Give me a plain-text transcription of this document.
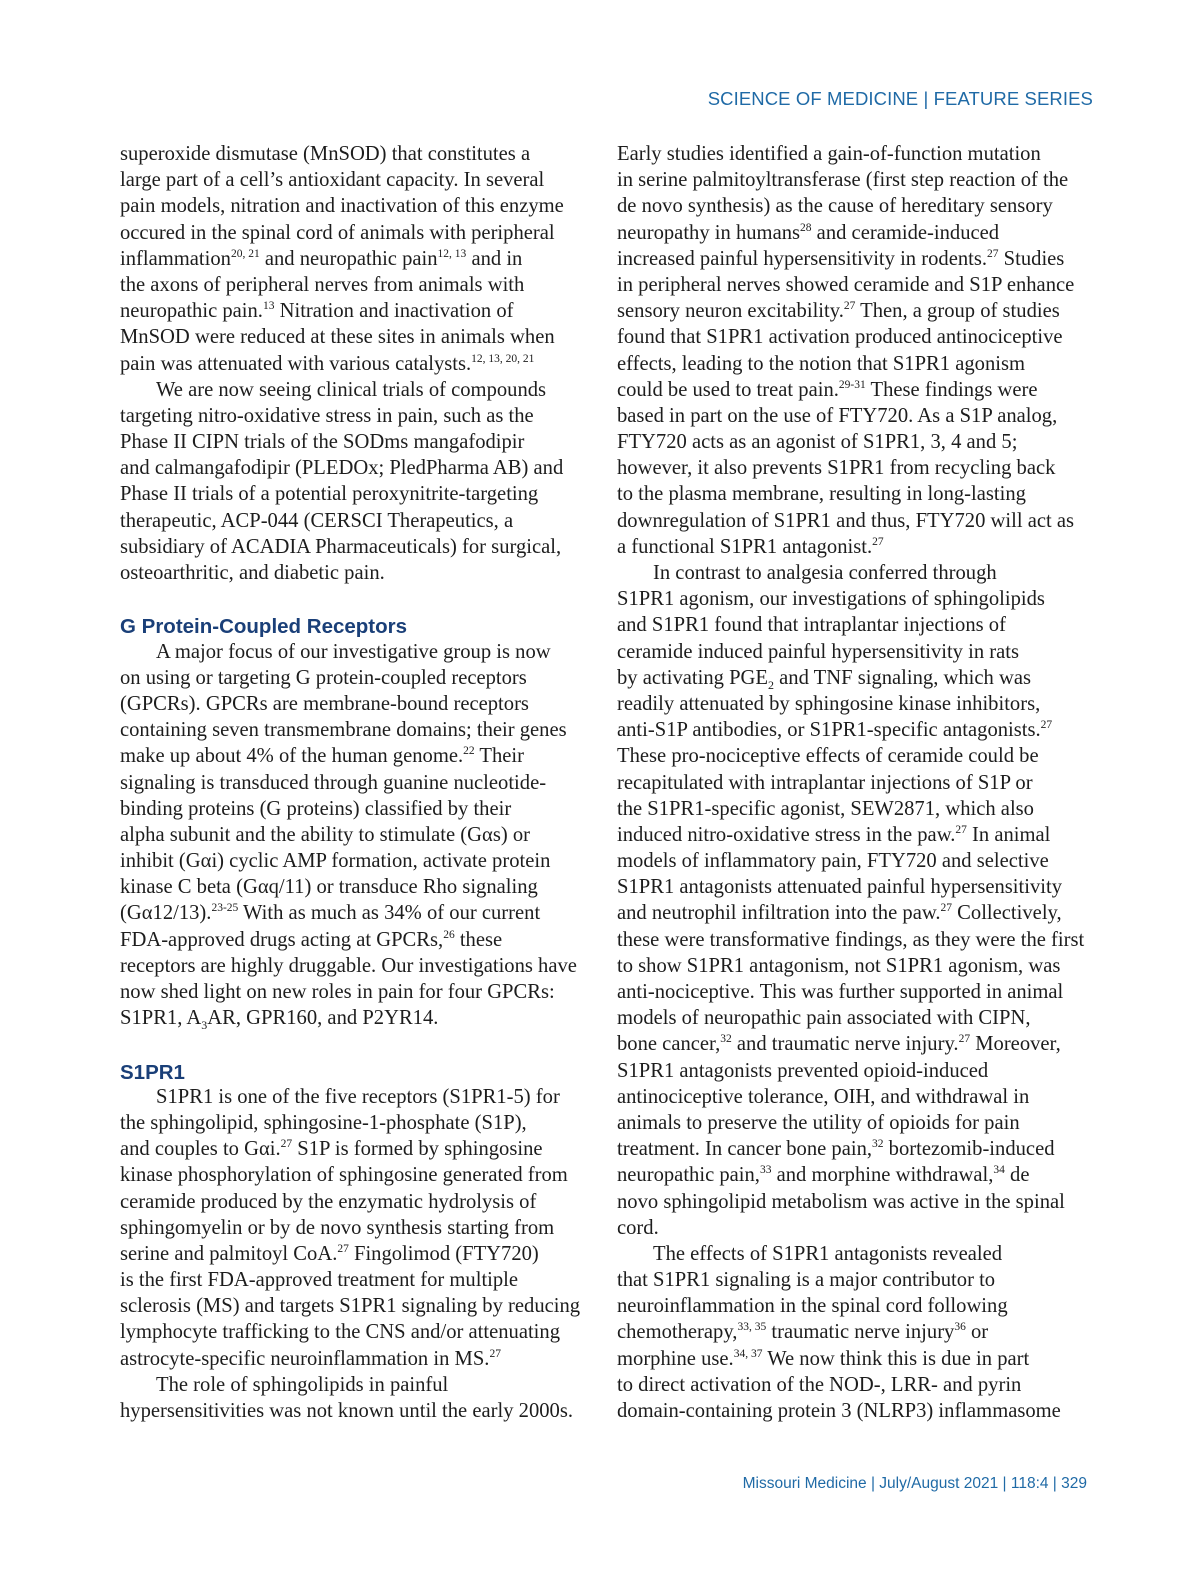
SCIENCE OF MEDICINE | FEATURE SERIES
superoxide dismutase (MnSOD) that constitutes a
large part of a cell’s antioxidant capacity. In several
pain models, nitration and inactivation of this enzyme
occured in the spinal cord of animals with peripheral
inflammation$^{20, 21}$ and neuropathic pain$^{12, 13}$ and in
the axons of peripheral nerves from animals with
neuropathic pain.$^{13}$ Nitration and inactivation of
MnSOD were reduced at these sites in animals when
pain was attenuated with various catalysts.$^{12, 13, 20, 21}$
We are now seeing clinical trials of compounds
targeting nitro-oxidative stress in pain, such as the
Phase II CIPN trials of the SODms mangafodipir
and calmangafodipir (PLEDOx; PledPharma AB) and
Phase II trials of a potential peroxynitrite-targeting
therapeutic, ACP-044 (CERSCI Therapeutics, a
subsidiary of ACADIA Pharmaceuticals) for surgical,
osteoarthritic, and diabetic pain.
G Protein-Coupled Receptors
A major focus of our investigative group is now
on using or targeting G protein-coupled receptors
(GPCRs). GPCRs are membrane-bound receptors
containing seven transmembrane domains; their genes
make up about 4% of the human genome.$^{22}$ Their
signaling is transduced through guanine nucleotide-
binding proteins (G proteins) classified by their
alpha subunit and the ability to stimulate (Gαs) or
inhibit (Gαi) cyclic AMP formation, activate protein
kinase C beta (Gαq/11) or transduce Rho signaling
(Gα12/13).$^{23-25}$ With as much as 34% of our current
FDA-approved drugs acting at GPCRs,$^{26}$ these
receptors are highly druggable. Our investigations have
now shed light on new roles in pain for four GPCRs:
S1PR1, $A_3AR$, GPR160, and P2YR14.
S1PR1
S1PR1 is one of the five receptors (S1PR1-5) for
the sphingolipid, sphingosine-1-phosphate (S1P),
and couples to Gαi.$^{27}$ S1P is formed by sphingosine
kinase phosphorylation of sphingosine generated from
ceramide produced by the enzymatic hydrolysis of
sphingomyelin or by de novo synthesis starting from
serine and palmitoyl CoA.$^{27}$ Fingolimod (FTY720)
is the first FDA-approved treatment for multiple
sclerosis (MS) and targets S1PR1 signaling by reducing
lymphocyte trafficking to the CNS and/or attenuating
astrocyte-specific neuroinflammation in MS.$^{27}$
The role of sphingolipids in painful
hypersensitivities was not known until the early 2000s.
Early studies identified a gain-of-function mutation
in serine palmitoyltransferase (first step reaction of the
de novo synthesis) as the cause of hereditary sensory
neuropathy in humans$^{28}$ and ceramide-induced
increased painful hypersensitivity in rodents.$^{27}$ Studies
in peripheral nerves showed ceramide and S1P enhance
sensory neuron excitability.$^{27}$ Then, a group of studies
found that S1PR1 activation produced antinociceptive
effects, leading to the notion that S1PR1 agonism
could be used to treat pain.$^{29-31}$ These findings were
based in part on the use of FTY720. As a S1P analog,
FTY720 acts as an agonist of S1PR1, 3, 4 and 5;
however, it also prevents S1PR1 from recycling back
to the plasma membrane, resulting in long-lasting
downregulation of S1PR1 and thus, FTY720 will act as
a functional S1PR1 antagonist.$^{27}$
In contrast to analgesia conferred through
S1PR1 agonism, our investigations of sphingolipids
and S1PR1 found that intraplantar injections of
ceramide induced painful hypersensitivity in rats
by activating $PGE_2$ and TNF signaling, which was
readily attenuated by sphingosine kinase inhibitors,
anti-S1P antibodies, or S1PR1-specific antagonists.$^{27}$
These pro-nociceptive effects of ceramide could be
recapitulated with intraplantar injections of S1P or
the S1PR1-specific agonist, SEW2871, which also
induced nitro-oxidative stress in the paw.$^{27}$ In animal
models of inflammatory pain, FTY720 and selective
S1PR1 antagonists attenuated painful hypersensitivity
and neutrophil infiltration into the paw.$^{27}$ Collectively,
these were transformative findings, as they were the first
to show S1PR1 antagonism, not S1PR1 agonism, was
anti-nociceptive. This was further supported in animal
models of neuropathic pain associated with CIPN,
bone cancer,$^{32}$ and traumatic nerve injury.$^{27}$ Moreover,
S1PR1 antagonists prevented opioid-induced
antinociceptive tolerance, OIH, and withdrawal in
animals to preserve the utility of opioids for pain
treatment. In cancer bone pain,$^{32}$ bortezomib-induced
neuropathic pain,$^{33}$ and morphine withdrawal,$^{34}$ de
novo sphingolipid metabolism was active in the spinal
cord.
The effects of S1PR1 antagonists revealed
that S1PR1 signaling is a major contributor to
neuroinflammation in the spinal cord following
chemotherapy,$^{33, 35}$ traumatic nerve injury$^{36}$ or
morphine use.$^{34, 37}$ We now think this is due in part
to direct activation of the NOD-, LRR- and pyrin
domain-containing protein 3 (NLRP3) inflammasome
Missouri Medicine | July/August 2021 | 118:4 | 329
